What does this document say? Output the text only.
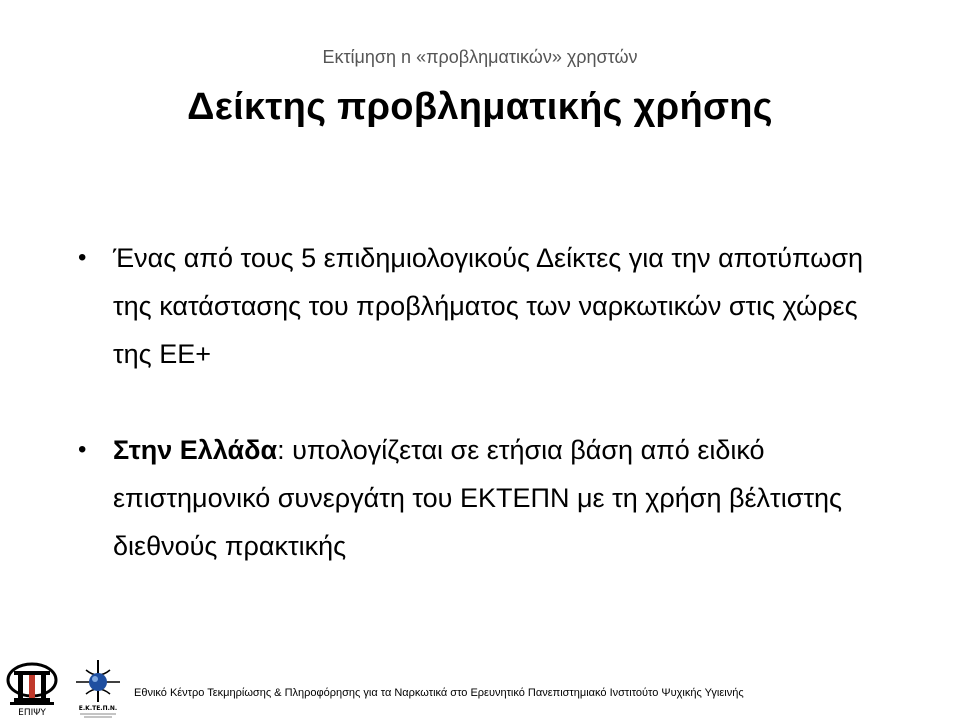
Εκτίμηση n «προβληματικών» χρηστών
Δείκτης προβληματικής χρήσης
• Ένας από τους 5 επιδημιολογικούς Δείκτες για την αποτύπωση της κατάστασης του προβλήματος των ναρκωτικών στις χώρες της ΕΕ+
• Στην Ελλάδα: υπολογίζεται σε ετήσια βάση από ειδικό επιστημονικό συνεργάτη του ΕΚΤΕΠΝ με τη χρήση βέλτιστης διεθνούς πρακτικής
ΕΠΙΨΥ	Ε.Κ.ΤΕ.Π.Ν.
Εθνικό Κέντρο Τεκμηρίωσης & Πληροφόρησης για τα Ναρκωτικά στο Ερευνητικό Πανεπιστημιακό Ινστιτούτο Ψυχικής Υγιεινής
